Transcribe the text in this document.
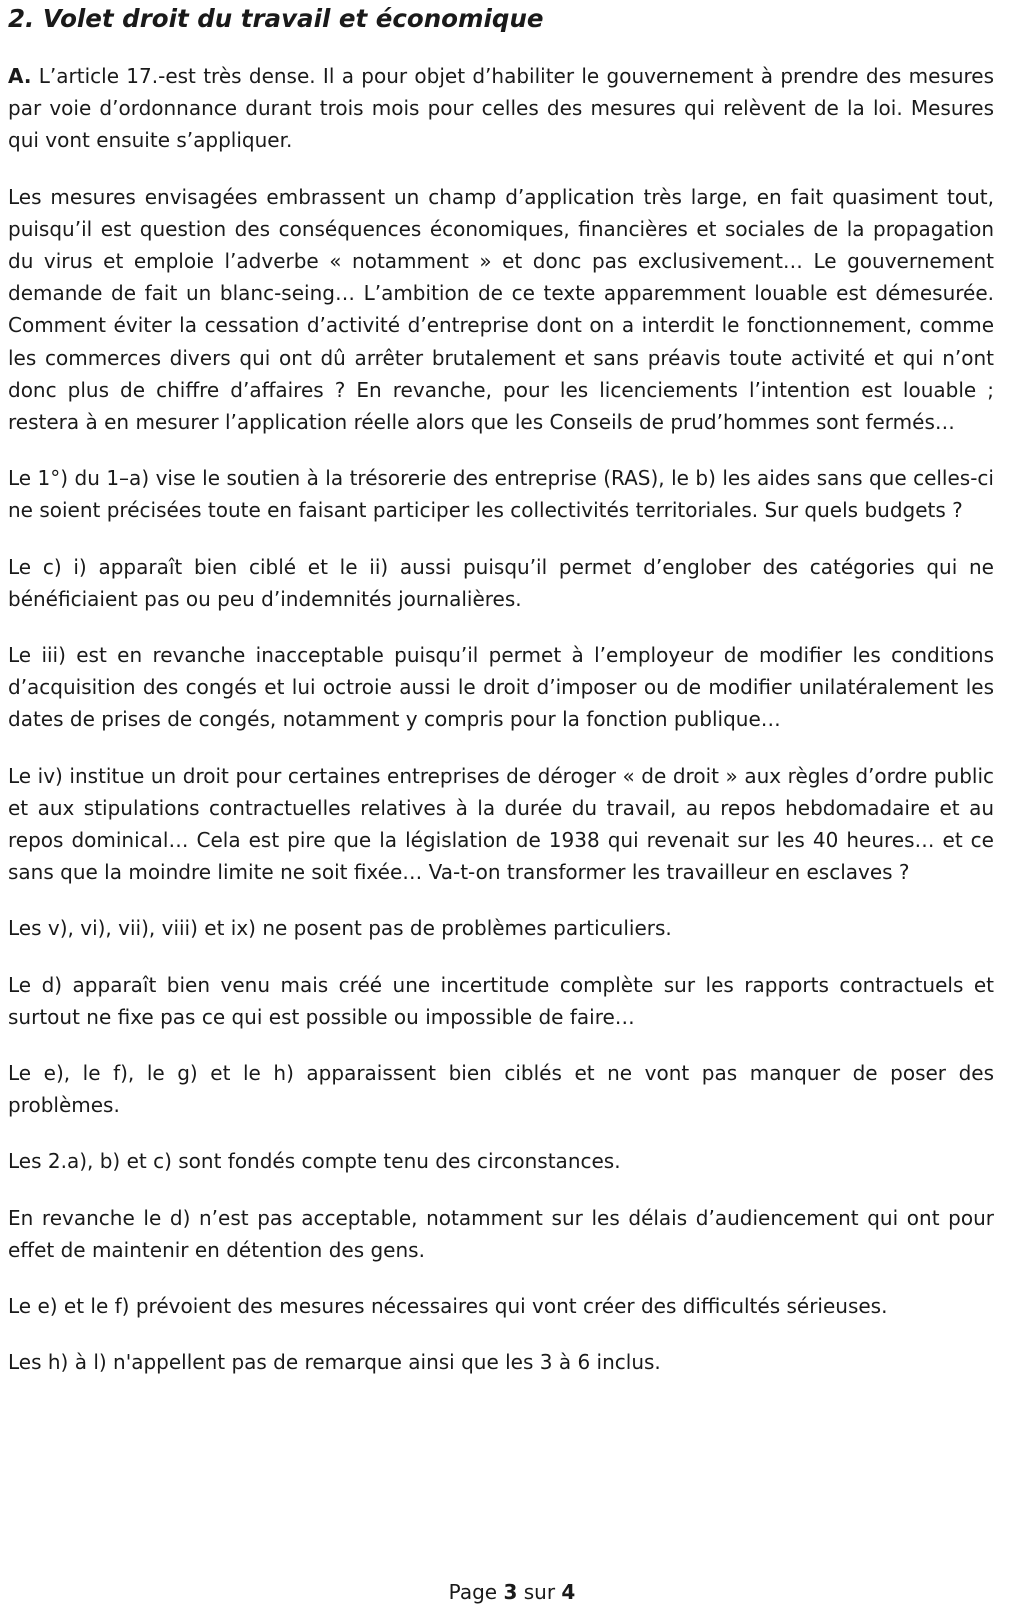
2. Volet droit du travail et économique

A. L’article 17.-est très dense. Il a pour objet d’habiliter le gouvernement à prendre des mesures par voie d’ordonnance durant trois mois pour celles des mesures qui relèvent de la loi. Mesures qui vont ensuite s’appliquer.

Les mesures envisagées embrassent un champ d’application très large, en fait quasiment tout, puisqu’il est question des conséquences économiques, financières et sociales de la propagation du virus et emploie l’adverbe « notamment » et donc pas exclusivement… Le gouvernement demande de fait un blanc-seing… L’ambition de ce texte apparemment louable est démesurée. Comment éviter la cessation d’activité d’entreprise dont on a interdit le fonctionnement, comme les commerces divers qui ont dû arrêter brutalement et sans préavis toute activité et qui n’ont donc plus de chiffre d’affaires ? En revanche, pour les licenciements l’intention est louable ; restera à en mesurer l’application réelle alors que les Conseils de prud’hommes sont fermés…

Le 1°) du 1–a) vise le soutien à la trésorerie des entreprise (RAS), le b) les aides sans que celles-ci ne soient précisées toute en faisant participer les collectivités territoriales. Sur quels budgets ?

Le c) i) apparaît bien ciblé et le ii) aussi puisqu’il permet d’englober des catégories qui ne bénéficiaient pas ou peu d’indemnités journalières.

Le iii) est en revanche inacceptable puisqu’il permet à l’employeur de modifier les conditions d’acquisition des congés et lui octroie aussi le droit d’imposer ou de modifier unilatéralement les dates de prises de congés, notamment y compris pour la fonction publique…

Le iv) institue un droit pour certaines entreprises de déroger « de droit » aux règles d’ordre public et aux stipulations contractuelles relatives à la durée du travail, au repos hebdomadaire et au repos dominical… Cela est pire que la législation de 1938 qui revenait sur les 40 heures… et ce sans que la moindre limite ne soit fixée… Va-t-on transformer les travailleur en esclaves ?

Les v), vi), vii), viii) et ix) ne posent pas de problèmes particuliers.

Le d) apparaît bien venu mais créé une incertitude complète sur les rapports contractuels et surtout ne fixe pas ce qui est possible ou impossible de faire…

Le e), le f), le g) et le h) apparaissent bien ciblés et ne vont pas manquer de poser des problèmes.

Les 2.a), b) et c) sont fondés compte tenu des circonstances.

En revanche le d) n’est pas acceptable, notamment sur les délais d’audiencement qui ont pour effet de maintenir en détention des gens.

Le e) et le f) prévoient des mesures nécessaires qui vont créer des difficultés sérieuses.

Les h) à l) n'appellent pas de remarque ainsi que les 3 à 6 inclus.

Page 3 sur 4
